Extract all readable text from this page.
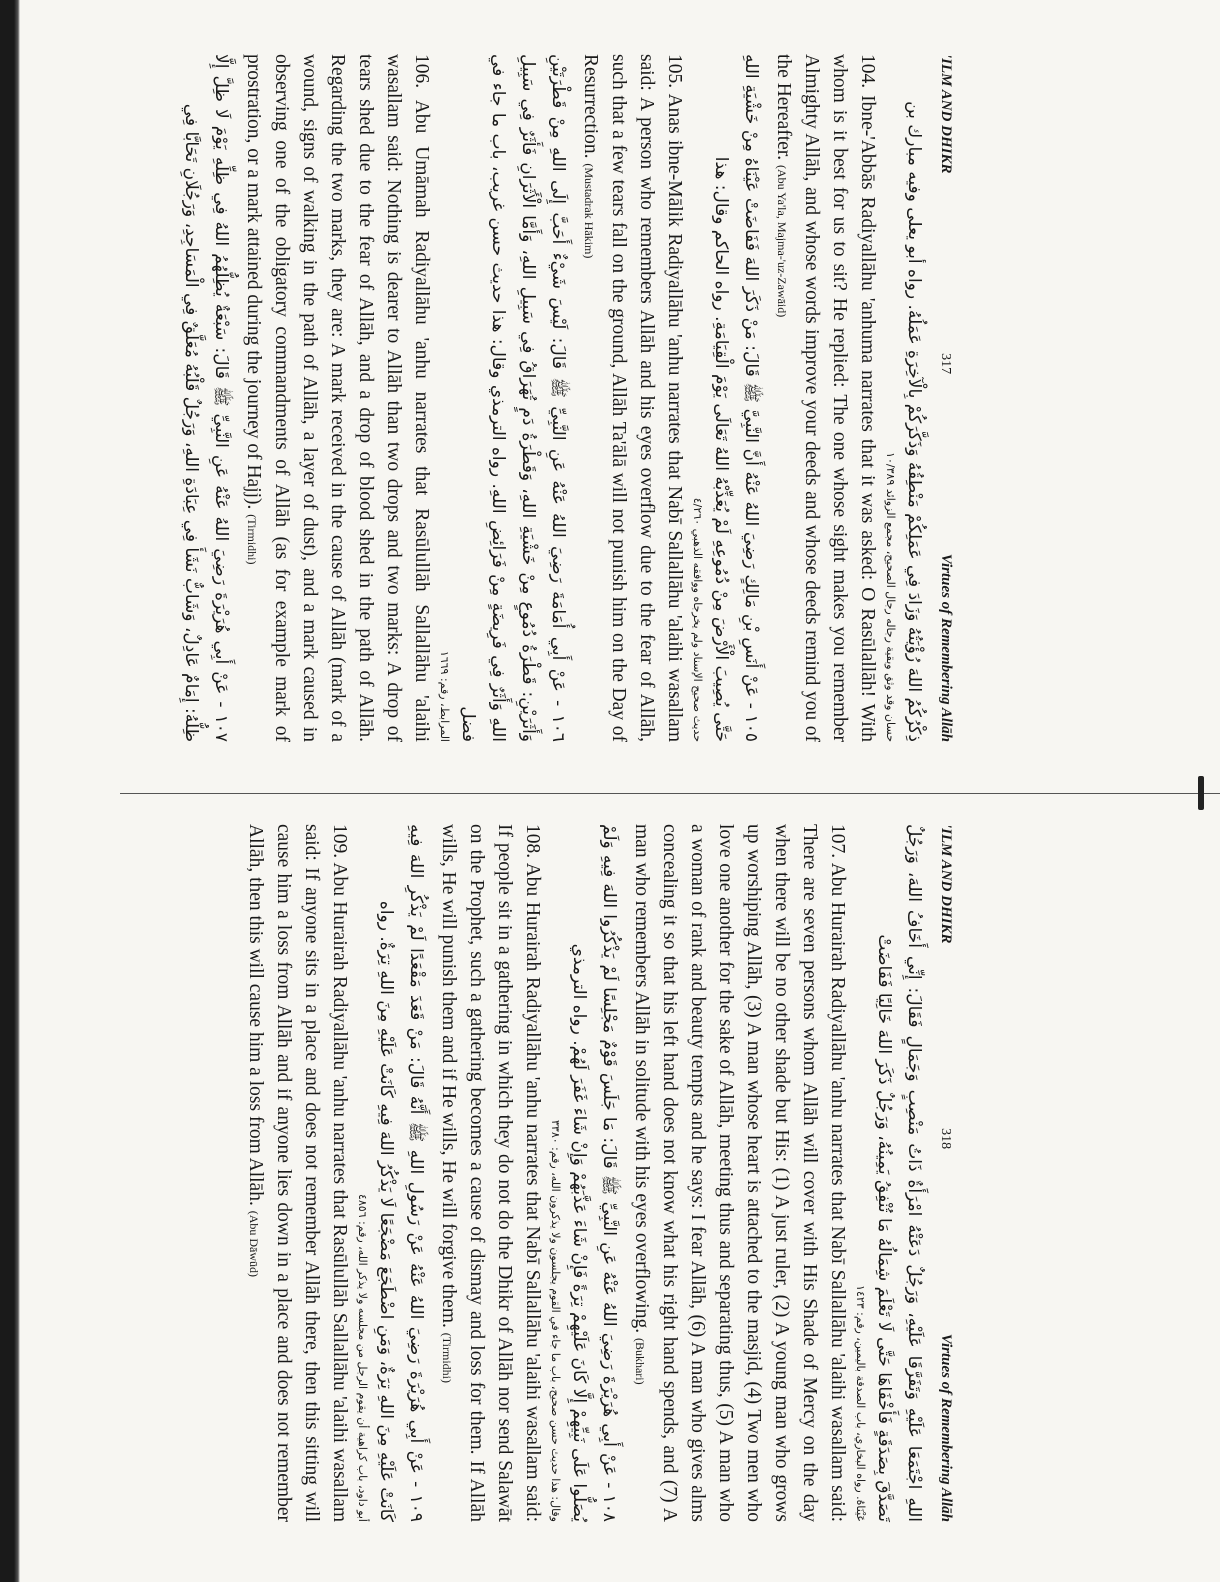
'ILM AND DHIKR
317
Virtues of Remembering Allāh

ذِكْرُكُمُ اللهَ رُؤْيَتُهُ وَزَادَ فِي عَمَلِكُمْ مَنْطِقُهُ وَذَكَّرَكُمْ بِالْآخِرَةِ عَمَلُهُ. رواه أبو يعلى وفيه مبارك بن

حسان وقد وثق وبقية رجاله رجال الصحيح، مجمع الزوائد ١٠/٣٨٩

104. Ibne-'Abbās Radiyallāhu 'anhuma narrates that it was asked: O Rasūlallāh! With whom is it best for us to sit? He replied: The one whose sight makes you remember Almighty Allāh, and whose words improve your deeds and whose deeds remind you of the Hereafter. (Abu Ya'la, Majma-'uz-Zawāid)

١٠٥ - عَنْ أَنَسِ بْنِ مَالِكٍ رَضِيَ اللهُ عَنْهُ أَنَّ النَّبِيَّ ﷺ قَالَ: مَنْ ذَكَرَ اللهَ فَفَاضَتْ عَيْنَاهُ مِنْ خَشْيَةِ اللهِ حَتَّى يُصِيبَ الْأَرْضَ مِنْ دُمُوعِهِ لَمْ يُعَذِّبْهُ اللهُ تَعَالَى يَوْمَ الْقِيَامَةِ. رواه الحاكم وقال: هذا

حديث صحيح الإسناد ولم يخرجاه ووافقه الذهبي ٤/٢٦٠

105. Anas ibne-Mālik Radiyallāhu 'anhu narrates that Nabī Sallallāhu 'alaihi wasallam said: A person who remembers Allāh and his eyes overflow due to the fear of Allāh, such that a few tears fall on the ground, Allāh Ta'ālā will not punish him on the Day of Resurrection. (Mustadrak Hākim)

١٠٦ - عَنْ أَبِي أُمَامَةَ رَضِيَ اللهُ عَنْهُ عَنِ النَّبِيِّ ﷺ قَالَ: لَيْسَ شَيْءٌ أَحَبَّ إِلَى اللهِ مِنْ قَطْرَتَيْنِ وَأَثَرَيْنِ: قَطْرَةُ دُمُوعٍ مِنْ خَشْيَةِ اللهِ، وَقَطْرَةُ دَمٍ تُهَرَاقُ فِي سَبِيلِ اللهِ، وَأَمَّا الْأَثَرَانِ فَأَثَرٌ فِي سَبِيلِ اللهِ وَأَثَرٌ فِي فَرِيضَةٍ مِنْ فَرَائِضِ اللهِ. رواه الترمذي وقال: هذا حديث حسن غريب، باب ما جاء في فضل

المرابط، رقم: ١٦٦٩

106. Abu Umāmah Radiyallāhu 'anhu narrates that Rasūlullāh Sallallāhu 'alaihi wasallam said: Nothing is dearer to Allāh than two drops and two marks: A drop of tears shed due to the fear of Allāh, and a drop of blood shed in the path of Allāh. Regarding the two marks, they are: A mark received in the cause of Allāh (mark of a wound, signs of walking in the path of Allāh, a layer of dust), and a mark caused in observing one of the obligatory commandments of Allāh (as for example mark of prostration, or a mark attained during the journey of Hajj). (Tirmidhi)

١٠٧ - عَنْ أَبِي هُرَيْرَةَ رَضِيَ اللهُ عَنْهُ عَنِ النَّبِيِّ ﷺ قَالَ: سَبْعَةٌ يُظِلُّهُمُ اللهُ فِي ظِلِّهِ يَوْمَ لَا ظِلَّ إِلَّا ظِلُّهُ: إِمَامٌ عَادِلٌ، وَشَابٌّ نَشَأَ فِي عِبَادَةِ اللهِ، وَرَجُلٌ قَلْبُهُ مُعَلَّقٌ فِي الْمَسَاجِدِ، وَرَجُلَانِ تَحَابَّا فِي

'ILM AND DHIKR
318
Virtues of Remembering Allāh

اللهِ اجْتَمَعَا عَلَيْهِ وَتَفَرَّقَا عَلَيْهِ، وَرَجُلٌ دَعَتْهُ امْرَأَةٌ ذَاتُ مَنْصِبٍ وَجَمَالٍ فَقَالَ: إِنِّي أَخَافُ اللهَ، وَرَجُلٌ تَصَدَّقَ بِصَدَقَةٍ فَأَخْفَاهَا حَتَّى لَا تَعْلَمَ شِمَالُهُ مَا تُنْفِقُ يَمِينُهُ، وَرَجُلٌ ذَكَرَ اللهَ خَالِيًا فَفَاضَتْ

عَيْنَاهُ. رواه البخاري، باب الصدقة باليمين، رقم: ١٤٢٣

107. Abu Hurairah Radiyallāhu 'anhu narrates that Nabī Sallallāhu 'alaihi wasallam said: There are seven persons whom Allāh will cover with His Shade of Mercy on the day when there will be no other shade but His: (1) A just ruler, (2) A young man who grows up worshiping Allāh, (3) A man whose heart is attached to the masjid, (4) Two men who love one another for the sake of Allāh, meeting thus and separating thus, (5) A man who a woman of rank and beauty tempts and he says: I fear Allāh, (6) A man who gives alms concealing it so that his left hand does not know what his right hand spends, and (7) A man who remembers Allāh in solitude with his eyes overflowing. (Bukhari)

١٠٨ - عَنْ أَبِي هُرَيْرَةَ رَضِيَ اللهُ عَنْهُ عَنِ النَّبِيِّ ﷺ قَالَ: مَا جَلَسَ قَوْمٌ مَجْلِسًا لَمْ يَذْكُرُوا اللهَ فِيهِ وَلَمْ يُصَلُّوا عَلَى نَبِيِّهِمْ إِلَّا كَانَ عَلَيْهِمْ تِرَةً فَإِنْ شَاءَ عَذَّبَهُمْ وَإِنْ شَاءَ غَفَرَ لَهُمْ. رواه الترمذي

وقال: هذا حديث حسن صحيح، باب ما جاء في القوم يجلسون ولا يذكرون الله، رقم: ٣٣٨٠

108. Abu Hurairah Radiyallāhu 'anhu narrates that Nabī Sallallāhu 'alaihi wasallam said: If people sit in a gathering in which they do not do the Dhikr of Allāh nor send Salawāt on the Prophet, such a gathering becomes a cause of dismay and loss for them. If Allāh wills, He will punish them and if He wills, He will forgive them. (Tirmidhi)

١٠٩ - عَنْ أَبِي هُرَيْرَةَ رَضِيَ اللهُ عَنْهُ عَنْ رَسُولِ اللهِ ﷺ أَنَّهُ قَالَ: مَنْ قَعَدَ مَقْعَدًا لَمْ يَذْكُرِ اللهَ فِيهِ كَانَتْ عَلَيْهِ مِنَ اللهِ تِرَةٌ، وَمَنِ اضْطَجَعَ مَضْجَعًا لَا يَذْكُرُ اللهَ فِيهِ كَانَتْ عَلَيْهِ مِنَ اللهِ تِرَةٌ. رواه

أبو داود، باب كراهية أن يقوم الرجل من مجلسه ولا يذكر الله، رقم: ٤٨٥٦

109. Abu Hurairah Radiyallāhu 'anhu narrates that Rasūlullāh Sallallāhu 'alaihi wasallam said: If anyone sits in a place and does not remember Allāh there, then this sitting will cause him a loss from Allāh and if anyone lies down in a place and does not remember Allāh, then this will cause him a loss from Allāh. (Abu Dāwūd)
